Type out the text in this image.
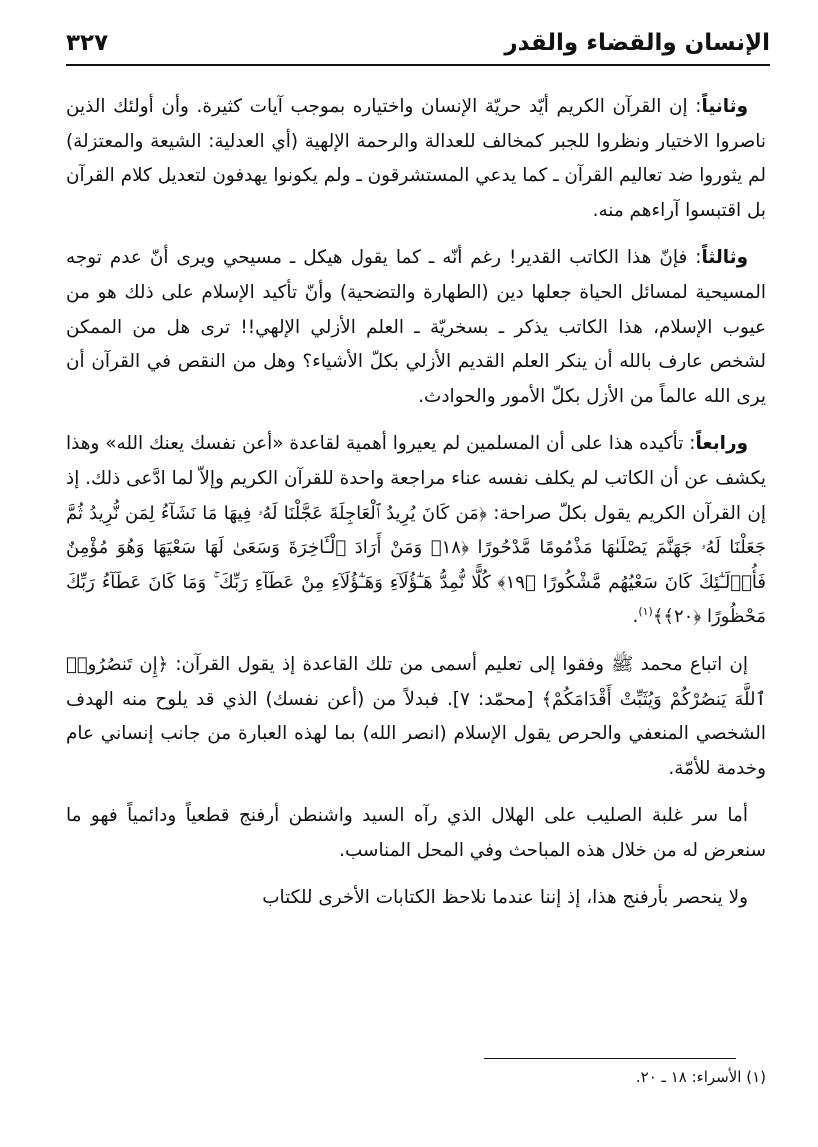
الإنسان والقضاء والقدر
٣٢٧

وثانياً: إن القرآن الكريم أيّد حريّة الإنسان واختياره بموجب آيات كثيرة. وأن أولئك الذين ناصروا الاختيار ونظروا للجبر كمخالف للعدالة والرحمة الإلهية (أي العدلية: الشيعة والمعتزلة) لم يثوروا ضد تعاليم القرآن ـ كما يدعي المستشرقون ـ ولم يكونوا يهدفون لتعديل كلام القرآن بل اقتبسوا آراءهم منه.

وثالثاً: فإنّ هذا الكاتب القدير! رغم أنّه ـ كما يقول هيكل ـ مسيحي ويرى أنّ عدم توجه المسيحية لمسائل الحياة جعلها دين (الطهارة والتضحية) وأنّ تأكيد الإسلام على ذلك هو من عيوب الإسلام، هذا الكاتب يذكر ـ بسخريّة ـ العلم الأزلي الإلهي!! ترى هل من الممكن لشخص عارف بالله أن ينكر العلم القديم الأزلي بكلّ الأشياء؟ وهل من النقص في القرآن أن يرى الله عالماً من الأزل بكلّ الأمور والحوادث.

ورابعاً: تأكيده هذا على أن المسلمين لم يعيروا أهمية لقاعدة «أعن نفسك يعنك الله» وهذا يكشف عن أن الكاتب لم يكلف نفسه عناء مراجعة واحدة للقرآن الكريم وإلاّ لما ادَّعى ذلك. إذ إن القرآن الكريم يقول بكلّ صراحة: ﴿مَن كَانَ يُرِيدُ ٱلْعَاجِلَةَ عَجَّلْنَا لَهُۥ فِيهَا مَا نَشَآءُ لِمَن نُّرِيدُ ثُمَّ جَعَلْنَا لَهُۥ جَهَنَّمَ يَصْلَىٰهَا مَذْمُومًا مَّدْحُورًا ﴿١٨﴾ وَمَنْ أَرَادَ ٱلْـَٔاخِرَةَ وَسَعَىٰ لَهَا سَعْيَهَا وَهُوَ مُؤْمِنٌ فَأُو۟لَـٰٓئِكَ كَانَ سَعْيُهُم مَّشْكُورًا ﴿١٩﴾ كُلًّا نُّمِدُّ هَـٰٓؤُلَآءِ وَهَـٰٓؤُلَآءِ مِنْ عَطَآءِ رَبِّكَ ۚ وَمَا كَانَ عَطَآءُ رَبِّكَ مَحْظُورًا ﴿٢٠﴾﴾$^{(١)}$.

إن اتباع محمد ﷺ وفقوا إلى تعليم أسمى من تلك القاعدة إذ يقول القرآن: ﴿إِن تَنصُرُوا۟ ٱللَّهَ يَنصُرْكُمْ وَيُثَبِّتْ أَقْدَامَكُمْ﴾ [محمّد: ٧]. فبدلاً من (أعن نفسك) الذي قد يلوح منه الهدف الشخصي المنعفي والحرص يقول الإسلام (انصر الله) بما لهذه العبارة من جانب إنساني عام وخدمة للأمّة.

أما سر غلبة الصليب على الهلال الذي رآه السيد واشنطن أرفنج قطعياً ودائمياً فهو ما سنعرض له من خلال هذه المباحث وفي المحل المناسب.

ولا ينحصر بأرفنج هذا، إذ إننا عندما نلاحظ الكتابات الأخرى للكتاب

(١) الأسراء: ١٨ ـ ٢٠.
